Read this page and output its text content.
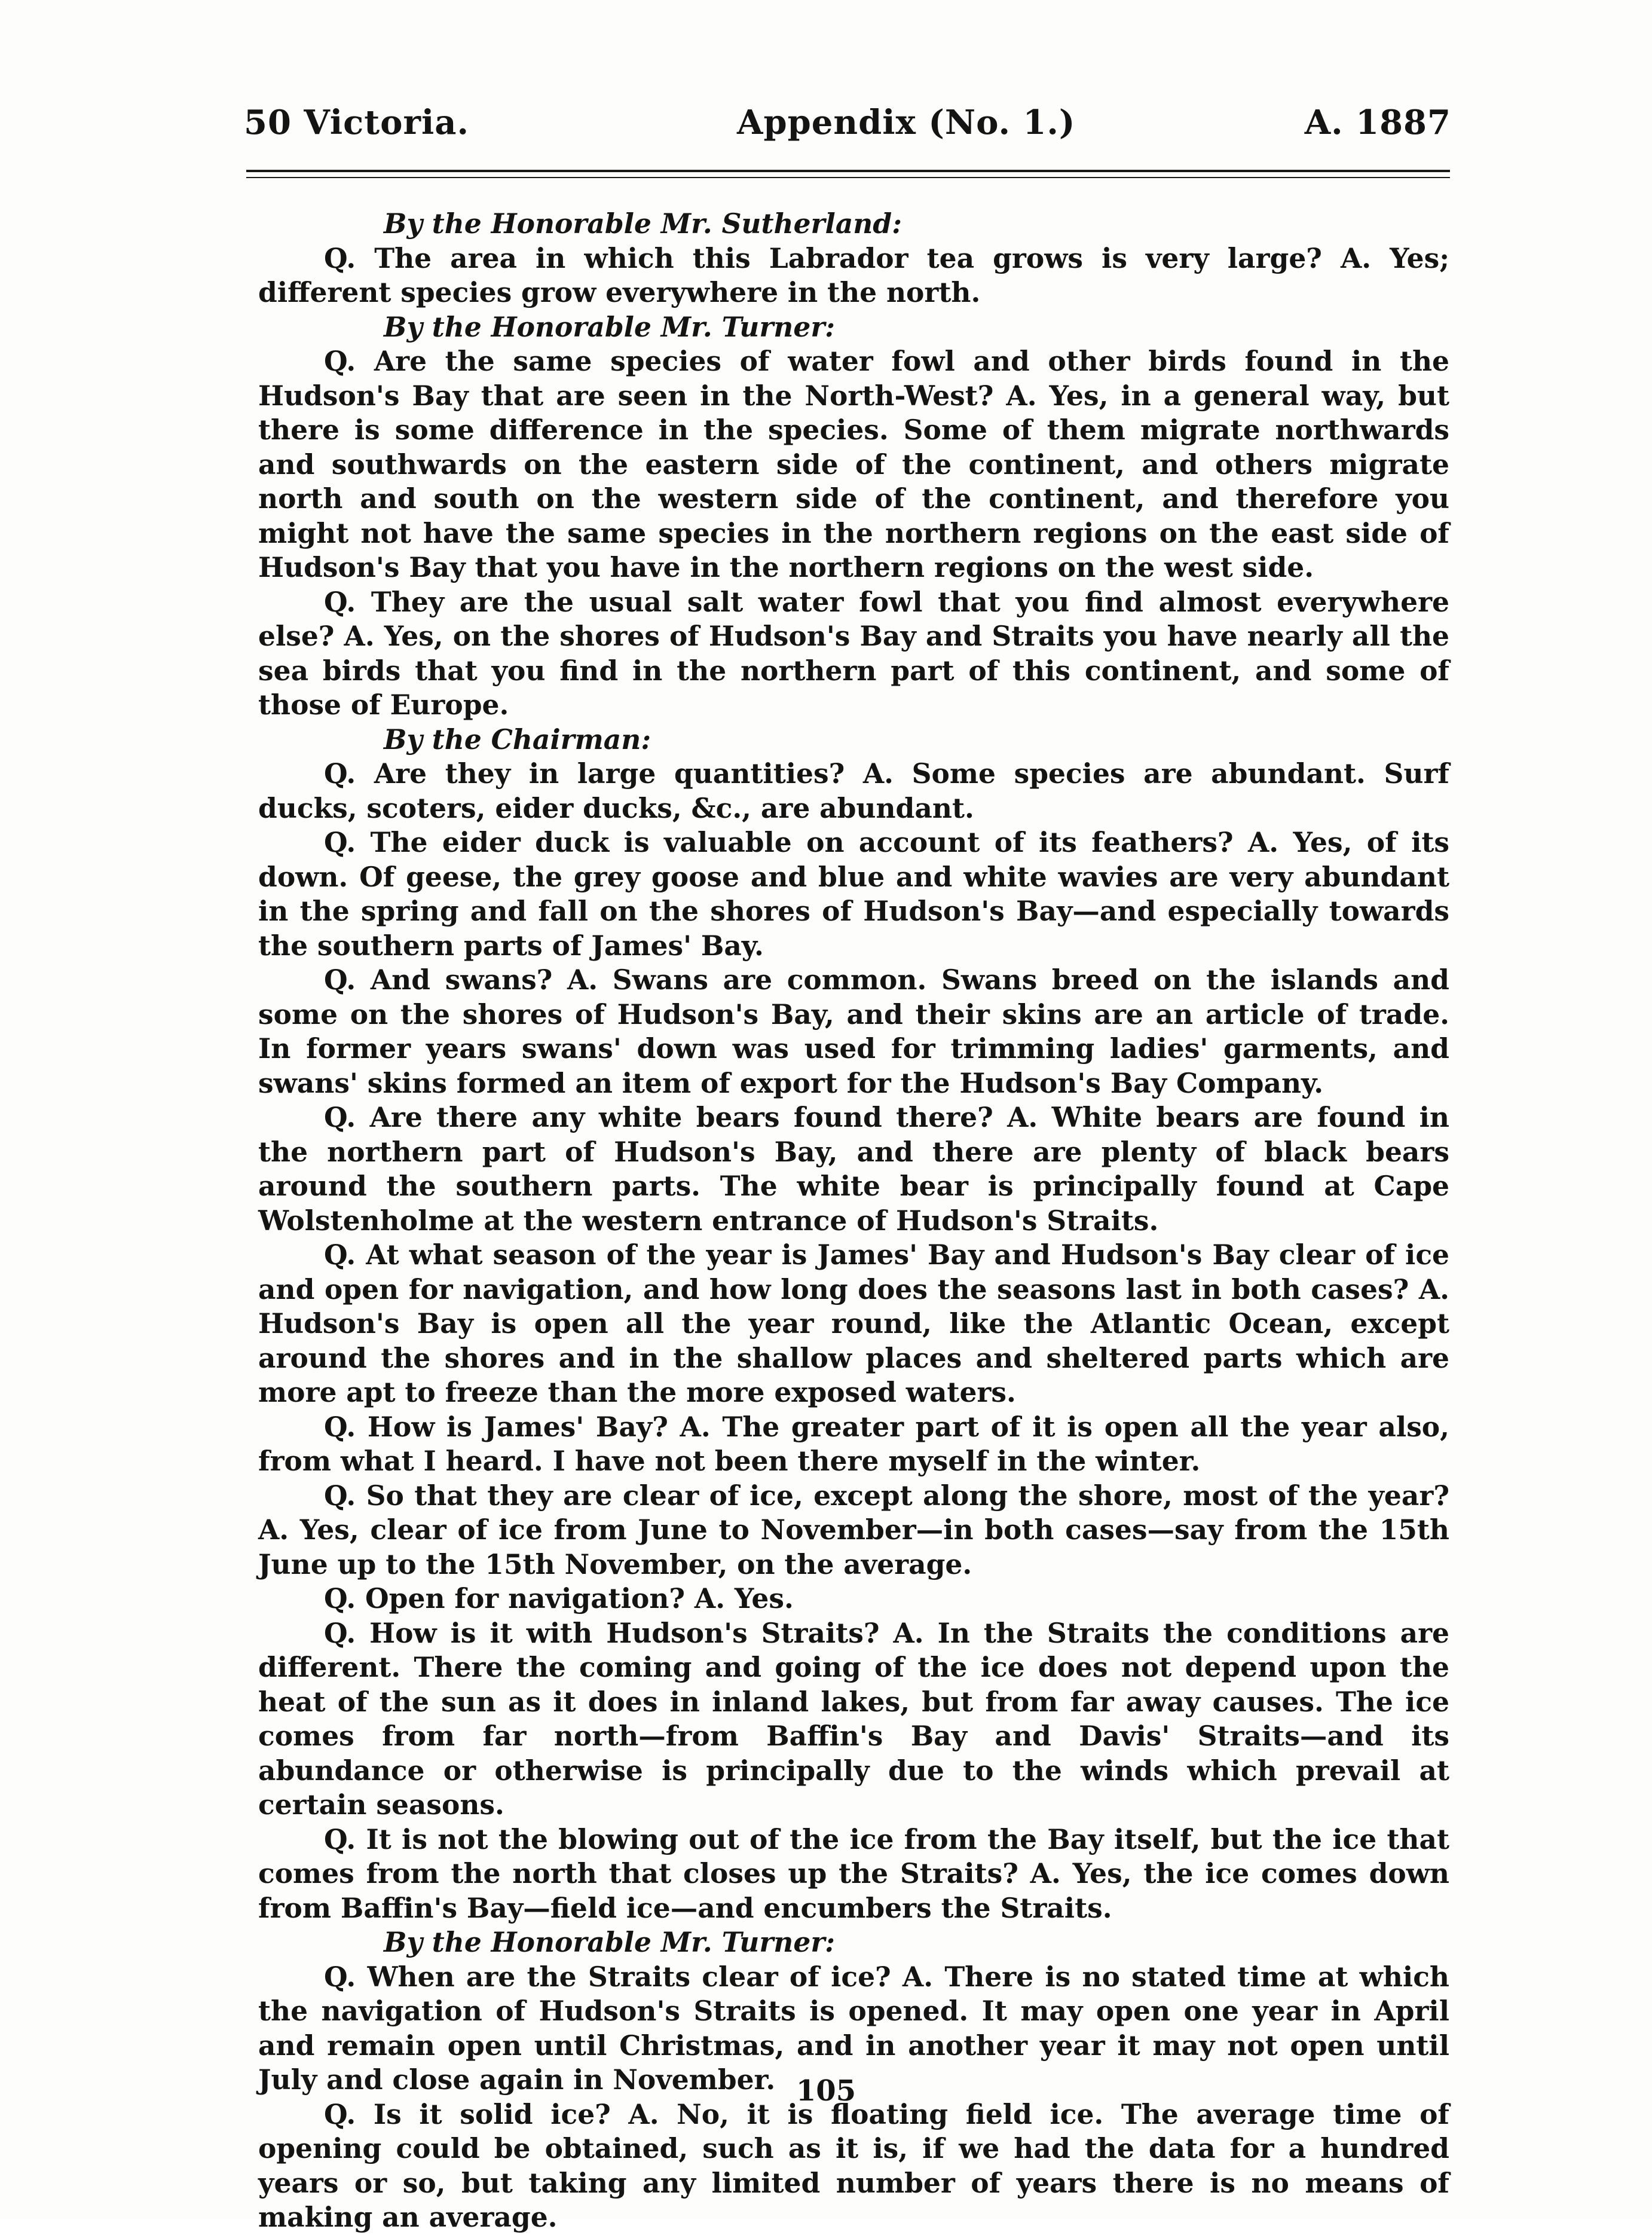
50 Victoria.	Appendix (No. 1.)	A. 1887

By the Honorable Mr. Sutherland:

Q. The area in which this Labrador tea grows is very large? A. Yes; different species grow everywhere in the north.

By the Honorable Mr. Turner:

Q. Are the same species of water fowl and other birds found in the Hudson's Bay that are seen in the North-West? A. Yes, in a general way, but there is some difference in the species. Some of them migrate northwards and southwards on the eastern side of the continent, and others migrate north and south on the western side of the continent, and therefore you might not have the same species in the northern regions on the east side of Hudson's Bay that you have in the northern regions on the west side.

Q. They are the usual salt water fowl that you find almost everywhere else? A. Yes, on the shores of Hudson's Bay and Straits you have nearly all the sea birds that you find in the northern part of this continent, and some of those of Europe.

By the Chairman:

Q. Are they in large quantities? A. Some species are abundant. Surf ducks, scoters, eider ducks, &c., are abundant.

Q. The eider duck is valuable on account of its feathers? A. Yes, of its down. Of geese, the grey goose and blue and white wavies are very abundant in the spring and fall on the shores of Hudson's Bay—and especially towards the southern parts of James' Bay.

Q. And swans? A. Swans are common. Swans breed on the islands and some on the shores of Hudson's Bay, and their skins are an article of trade. In former years swans' down was used for trimming ladies' garments, and swans' skins formed an item of export for the Hudson's Bay Company.

Q. Are there any white bears found there? A. White bears are found in the northern part of Hudson's Bay, and there are plenty of black bears around the southern parts. The white bear is principally found at Cape Wolstenholme at the western entrance of Hudson's Straits.

Q. At what season of the year is James' Bay and Hudson's Bay clear of ice and open for navigation, and how long does the seasons last in both cases? A. Hudson's Bay is open all the year round, like the Atlantic Ocean, except around the shores and in the shallow places and sheltered parts which are more apt to freeze than the more exposed waters.

Q. How is James' Bay? A. The greater part of it is open all the year also, from what I heard. I have not been there myself in the winter.

Q. So that they are clear of ice, except along the shore, most of the year? A. Yes, clear of ice from June to November—in both cases—say from the 15th June up to the 15th November, on the average.

Q. Open for navigation? A. Yes.

Q. How is it with Hudson's Straits? A. In the Straits the conditions are different. There the coming and going of the ice does not depend upon the heat of the sun as it does in inland lakes, but from far away causes. The ice comes from far north—from Baffin's Bay and Davis' Straits—and its abundance or otherwise is principally due to the winds which prevail at certain seasons.

Q. It is not the blowing out of the ice from the Bay itself, but the ice that comes from the north that closes up the Straits? A. Yes, the ice comes down from Baffin's Bay—field ice—and encumbers the Straits.

By the Honorable Mr. Turner:

Q. When are the Straits clear of ice? A. There is no stated time at which the navigation of Hudson's Straits is opened. It may open one year in April and remain open until Christmas, and in another year it may not open until July and close again in November.

Q. Is it solid ice? A. No, it is floating field ice. The average time of opening could be obtained, such as it is, if we had the data for a hundred years or so, but taking any limited number of years there is no means of making an average.

105
